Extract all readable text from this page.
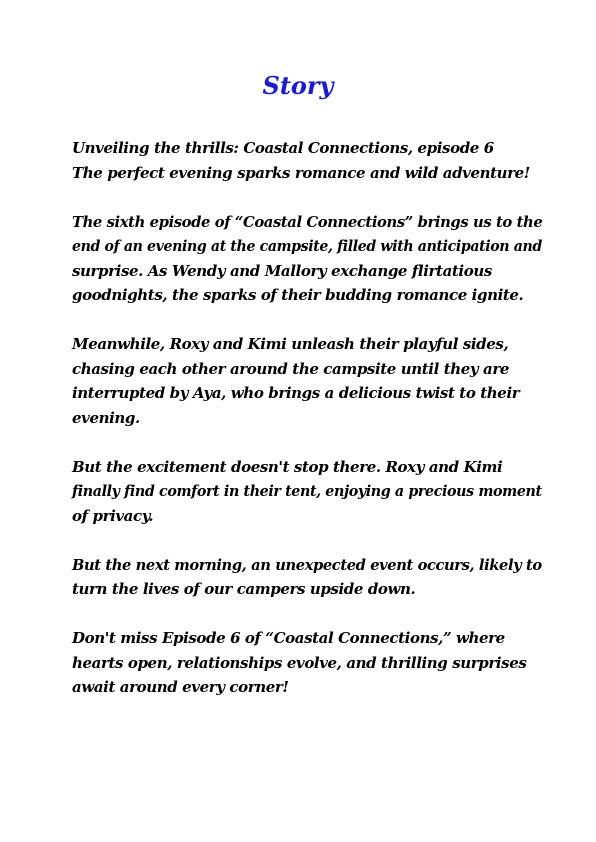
Story

Unveiling the thrills: Coastal Connections, episode 6
The perfect evening sparks romance and wild adventure!

The sixth episode of “Coastal Connections” brings us to the
end of an evening at the campsite, filled with anticipation and
surprise. As Wendy and Mallory exchange flirtatious
goodnights, the sparks of their budding romance ignite.

Meanwhile, Roxy and Kimi unleash their playful sides,
chasing each other around the campsite until they are
interrupted by Aya, who brings a delicious twist to their
evening.

But the excitement doesn't stop there. Roxy and Kimi
finally find comfort in their tent, enjoying a precious moment
of privacy.

But the next morning, an unexpected event occurs, likely to
turn the lives of our campers upside down.

Don't miss Episode 6 of “Coastal Connections,” where
hearts open, relationships evolve, and thrilling surprises
await around every corner!
